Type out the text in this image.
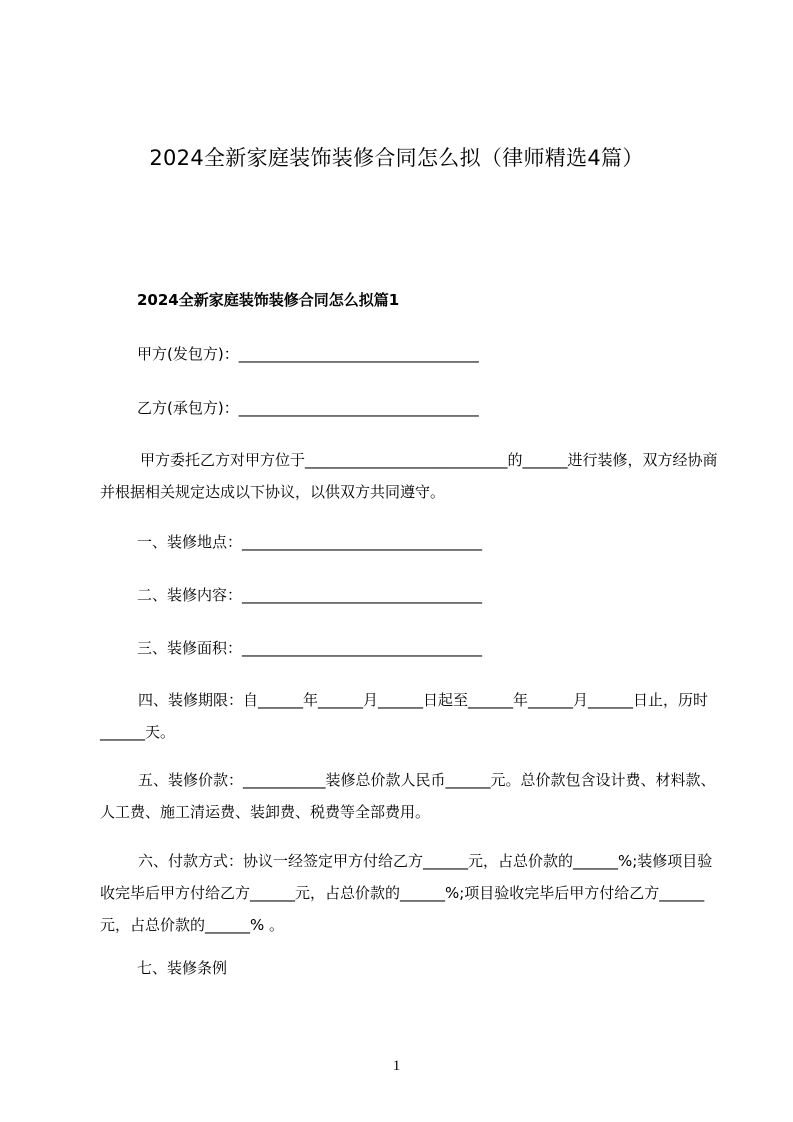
2024全新家庭装饰装修合同怎么拟（律师精选4篇）
2024全新家庭装饰装修合同怎么拟篇1
甲方(发包方)：________________________________
乙方(承包方)：________________________________
甲方委托乙方对甲方位于___________________________的______进行装修，双方经协商并根据相关规定达成以下协议，以供双方共同遵守。
一、装修地点：________________________________
二、装修内容：________________________________
三、装修面积：________________________________
四、装修期限：自______年______月______日起至______年______月______日止，历时______天。
五、装修价款：___________装修总价款人民币______元。总价款包含设计费、材料款、人工费、施工清运费、装卸费、税费等全部费用。
六、付款方式：协议一经签定甲方付给乙方______元，占总价款的______%;装修项目验收完毕后甲方付给乙方______元，占总价款的______%;项目验收完毕后甲方付给乙方______元，占总价款的______% 。
七、装修条例
1
